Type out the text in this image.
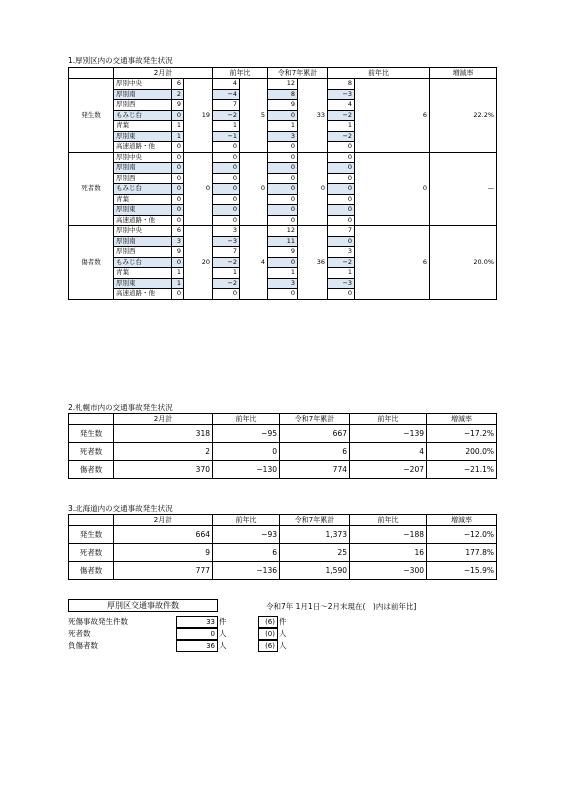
1.厚別区内の交通事故発生状況
	2月計			前年比		令和7年累計		前年比			増減率
発生数	厚別中央	6	19	4	5	12	33	8		6	22.2%
	厚別南	2		−4		8		−3			
	厚別西	9		7		9		4			
	もみじ台	0		−2		0		−2			
	青葉	1		1		1		1			
	厚別東	1		−1		3		−2			
	高速道路・他	0		0		0		0			
死者数	厚別中央	0	0	0	0	0	0	0		0	—
	厚別南	0		0		0		0			
	厚別西	0		0		0		0			
	もみじ台	0		0		0		0			
	青葉	0		0		0		0			
	厚別東	0		0		0		0			
	高速道路・他	0		0		0		0			
傷者数	厚別中央	6	20	3	4	12	36	7		6	20.0%
	厚別南	3		−3		11		0			
	厚別西	9		7		9		3			
	もみじ台	0		−2		0		−2			
	青葉	1		1		1		1			
	厚別東	1		−2		3		−3			
	高速道路・他	0		0		0		0			
2.札幌市内の交通事故発生状況
	2月計	前年比	令和7年累計	前年比	増減率
発生数	318	−95	667	−139	−17.2%
死者数	2	0	6	4	200.0%
傷者数	370	−130	774	−207	−21.1%
3.北海道内の交通事故発生状況
	2月計	前年比	令和7年累計	前年比	増減率
発生数	664	−93	1,373	−188	−12.0%
死者数	9	6	25	16	177.8%
傷者数	777	−136	1,590	−300	−15.9%
厚別区交通事故件数	令和7年 1月1日～2月末現在(　)内は前年比]
死傷事故発生件数	33 件	(6) 件
死者数	0 人	(0) 人
負傷者数	36 人	(6) 人
